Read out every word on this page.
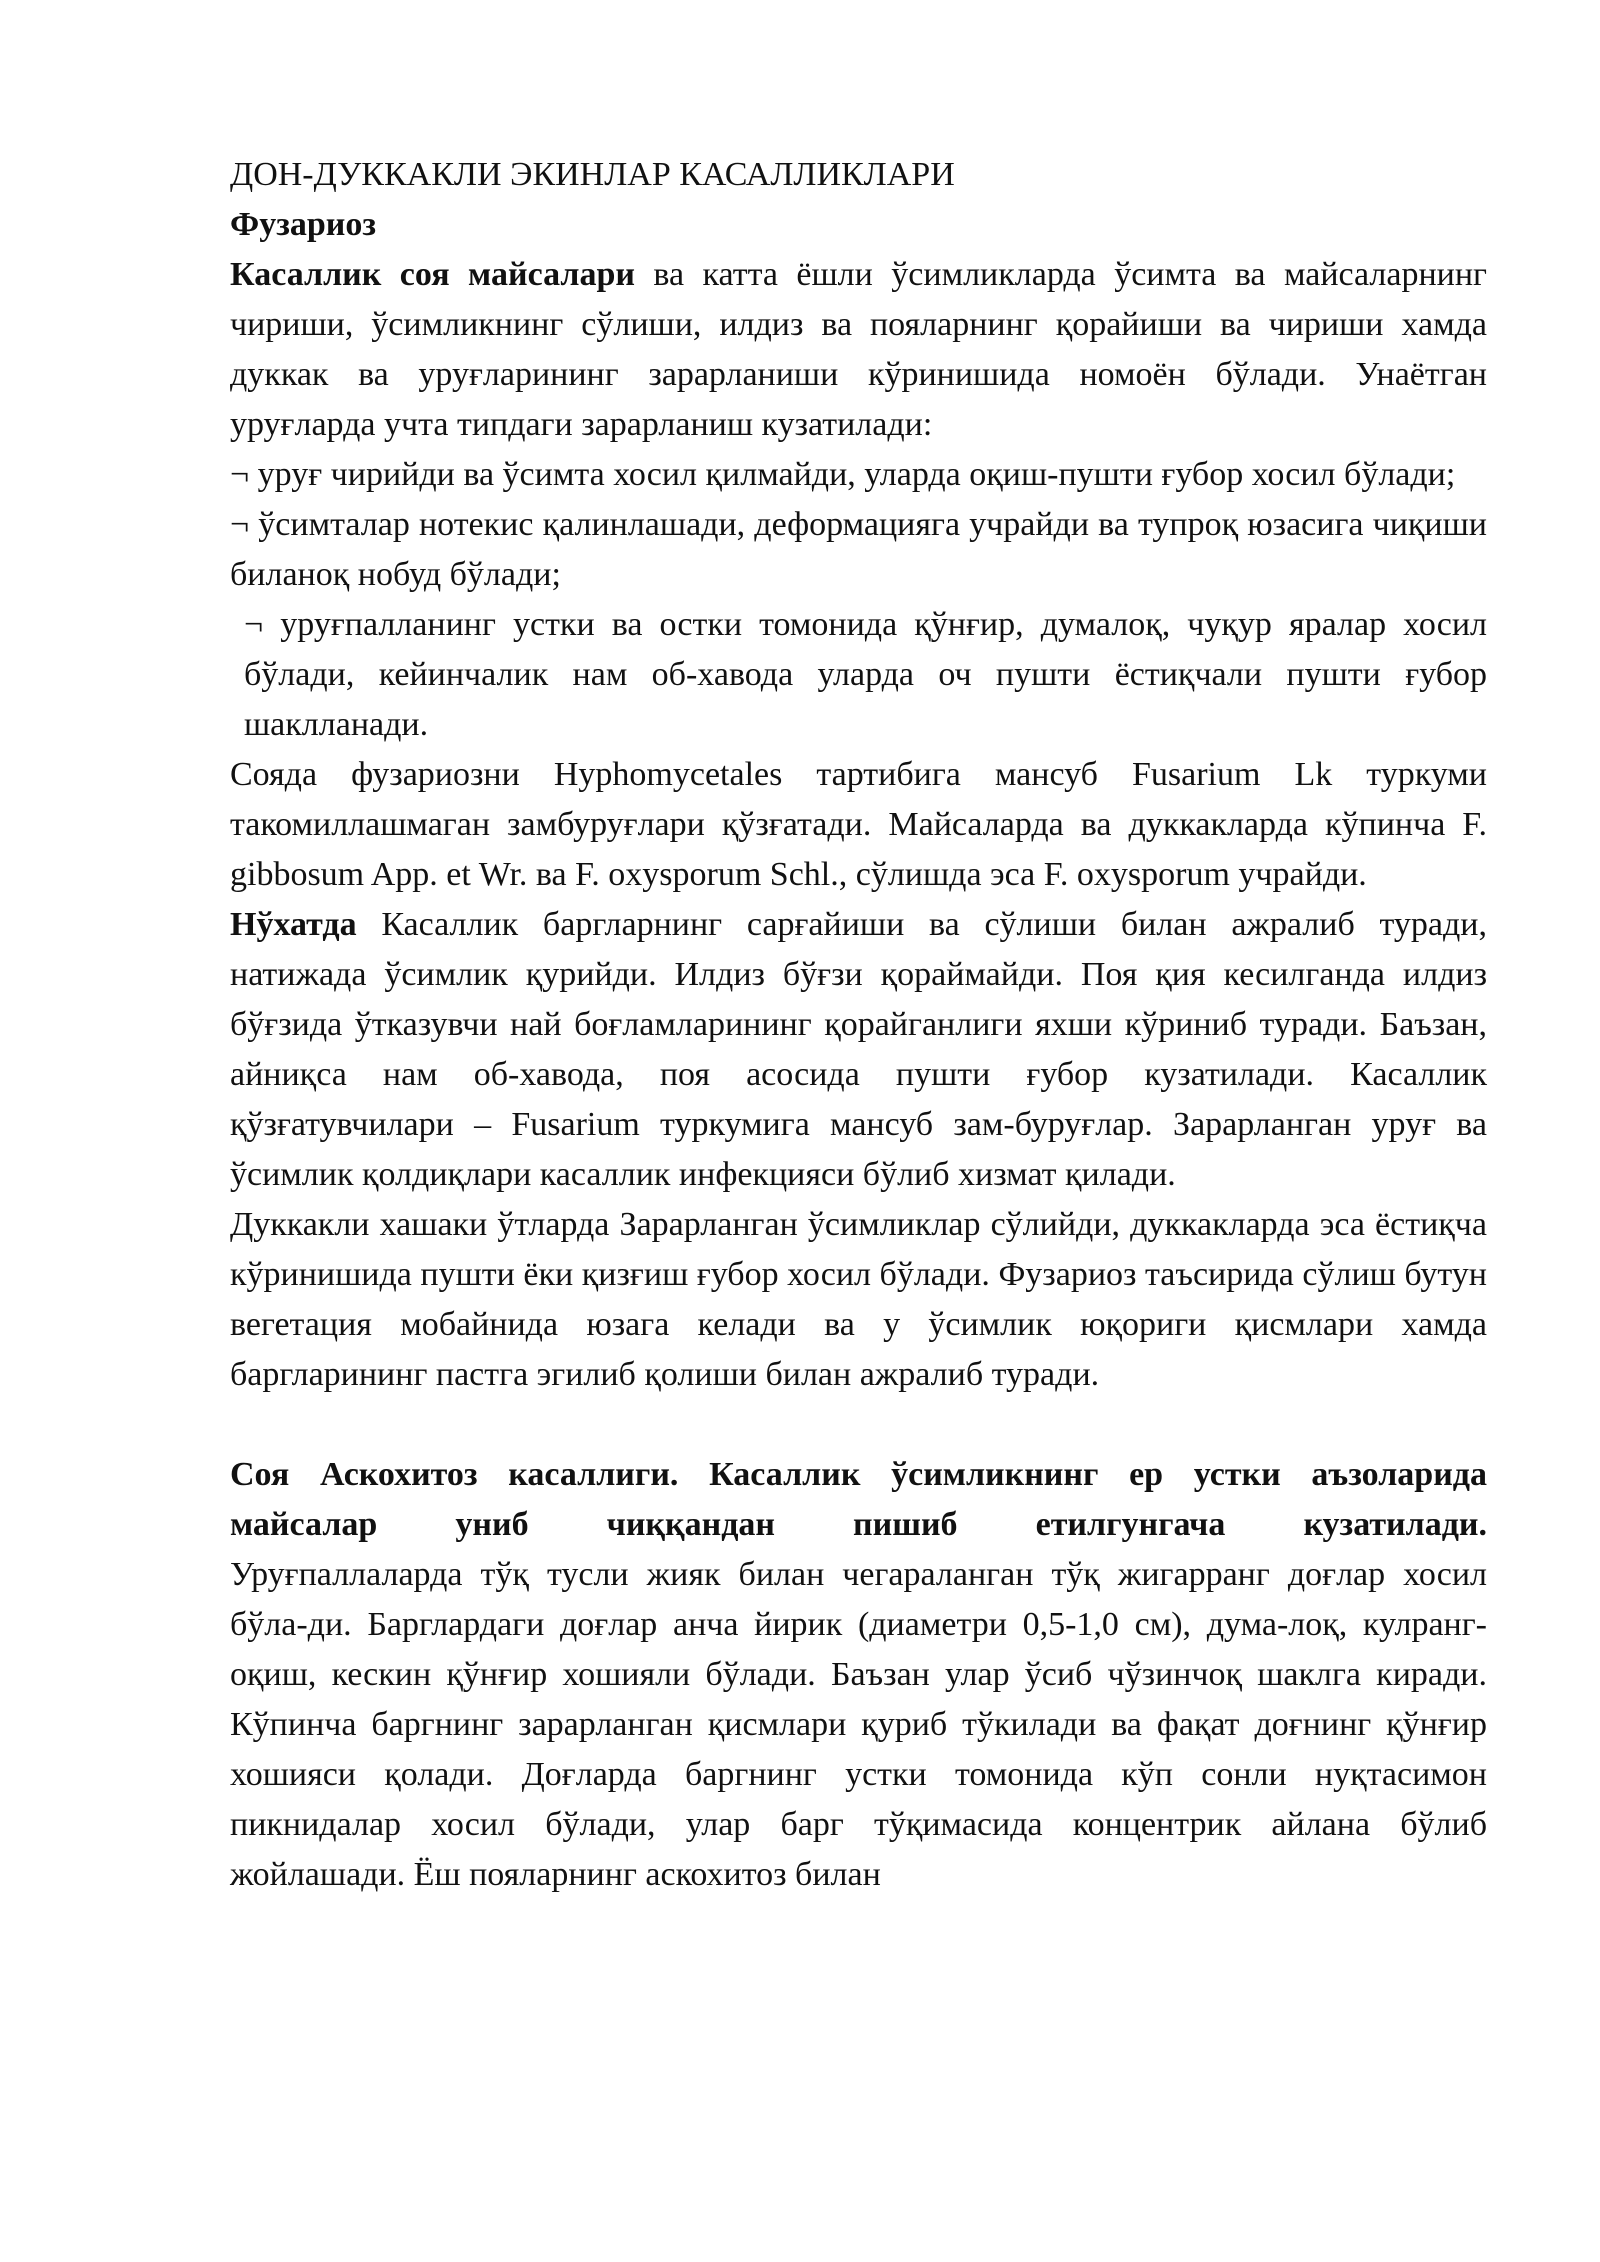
ДОН-ДУККАКЛИ ЭКИНЛАР КАСАЛЛИКЛАРИ

Фузариоз

Касаллик соя майсалари ва катта ёшли ўсимликларда ўсимта ва майсаларнинг чириши, ўсимликнинг сўлиши, илдиз ва пояларнинг қорайиши ва чириши хамда дуккак ва уруғларининг зарарланиши кўринишида номоён бўлади. Унаётган уруғларда учта типдаги зарарланиш кузатилади:

¬ уруғ чирийди ва ўсимта хосил қилмайди, уларда оқиш-пушти ғубор хосил бўлади;

¬ ўсимталар нотекис қалинлашади, деформацияга учрайди ва тупроқ юзасига чиқиши биланоқ нобуд бўлади;

¬ уруғпалланинг устки ва остки томонида қўнғир, думалоқ, чуқур яралар хосил бўлади, кейинчалик нам об-хавода уларда оч пушти ёстиқчали пушти ғубор шаклланади.

Сояда фузариозни Hyphomycetales тартибига мансуб Fusarium Lk туркуми такомиллашмаган замбуруғлари қўзғатади. Майсаларда ва дуккакларда кўпинча F. gibbosum App. et Wr. ва F. oxysporum Schl., сўлишда эса F. oxysporum учрайди.

Нўхатда Касаллик баргларнинг сарғайиши ва сўлиши билан ажралиб туради, натижада ўсимлик қурийди. Илдиз бўғзи қораймайди. Поя қия кесилганда илдиз бўғзида ўтказувчи най боғламларининг қорайганлиги яхши кўриниб туради. Баъзан, айниқса нам об-хавода, поя асосида пушти ғубор кузатилади. Касаллик қўзғатувчилари – Fusarium туркумига мансуб зам-буруғлар. Зарарланган уруғ ва ўсимлик қолдиқлари касаллик инфекцияси бўлиб хизмат қилади.

Дуккакли хашаки ўтларда Зарарланган ўсимликлар сўлийди, дуккакларда эса ёстиқча кўринишида пушти ёки қизғиш ғубор хосил бўлади. Фузариоз таъсирида сўлиш бутун вегетация мобайнида юзага келади ва у ўсимлик юқориги қисмлари хамда баргларининг пастга эгилиб қолиши билан ажралиб туради.

Соя Аскохитоз касаллиги. Касаллик ўсимликнинг ер устки аъзоларида майсалар униб чиққандан пишиб етилгунгача кузатилади.

Уруғпаллаларда тўқ тусли жияк билан чегараланган тўқ жигарранг доғлар хосил бўла-ди. Барглардаги доғлар анча йирик (диаметри 0,5-1,0 см), дума-лоқ, кулранг-оқиш, кескин қўнғир хошияли бўлади. Баъзан улар ўсиб чўзинчоқ шаклга киради. Кўпинча баргнинг зарарланган қисмлари қуриб тўкилади ва фақат доғнинг қўнғир хошияси қолади. Доғларда баргнинг устки томонида кўп сонли нуқтасимон пикнидалар хосил бўлади, улар барг тўқимасида концентрик айлана бўлиб жойлашади. Ёш пояларнинг аскохитоз билан
